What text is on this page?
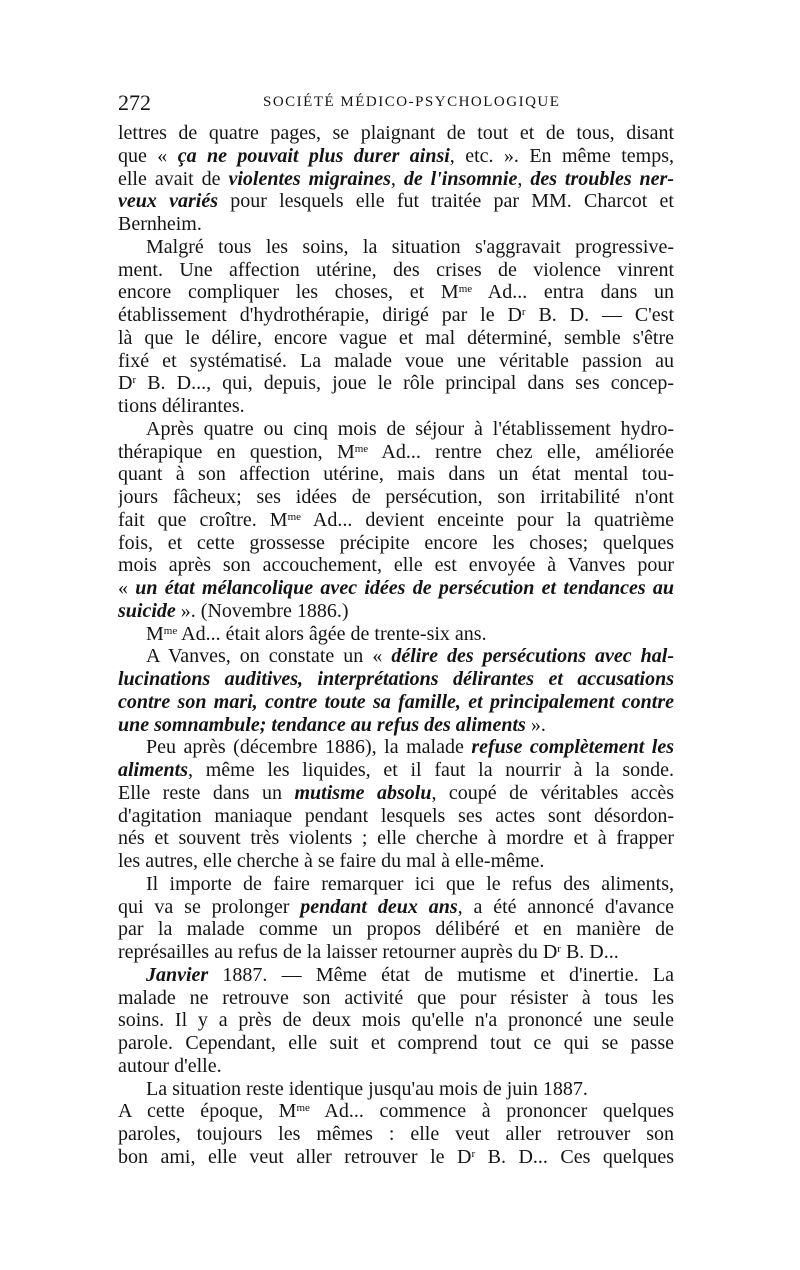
272	SOCIÉTÉ MÉDICO-PSYCHOLOGIQUE
lettres de quatre pages, se plaignant de tout et de tous, disant
que « ça ne pouvait plus durer ainsi, etc. ». En même temps,
elle avait de violentes migraines, de l'insomnie, des troubles ner-
veux variés pour lesquels elle fut traitée par MM. Charcot et
Bernheim.
Malgré tous les soins, la situation s'aggravait progressive-
ment. Une affection utérine, des crises de violence vinrent
encore compliquer les choses, et $M^{me}$ Ad... entra dans un
établissement d'hydrothérapie, dirigé par le $D^r$ B. D. — C'est
là que le délire, encore vague et mal déterminé, semble s'être
fixé et systématisé. La malade voue une véritable passion au
$D^r$ B. D..., qui, depuis, joue le rôle principal dans ses concep-
tions délirantes.
Après quatre ou cinq mois de séjour à l'établissement hydro-
thérapique en question, $M^{me}$ Ad... rentre chez elle, améliorée
quant à son affection utérine, mais dans un état mental tou-
jours fâcheux; ses idées de persécution, son irritabilité n'ont
fait que croître. $M^{me}$ Ad... devient enceinte pour la quatrième
fois, et cette grossesse précipite encore les choses; quelques
mois après son accouchement, elle est envoyée à Vanves pour
« un état mélancolique avec idées de persécution et tendances au
suicide ». (Novembre 1886.)
$M^{me}$ Ad... était alors âgée de trente-six ans.
A Vanves, on constate un « délire des persécutions avec hal-
lucinations auditives, interprétations délirantes et accusations
contre son mari, contre toute sa famille, et principalement contre
une somnambule; tendance au refus des aliments ».
Peu après (décembre 1886), la malade refuse complètement les
aliments, même les liquides, et il faut la nourrir à la sonde.
Elle reste dans un mutisme absolu, coupé de véritables accès
d'agitation maniaque pendant lesquels ses actes sont désordon-
nés et souvent très violents ; elle cherche à mordre et à frapper
les autres, elle cherche à se faire du mal à elle-même.
Il importe de faire remarquer ici que le refus des aliments,
qui va se prolonger pendant deux ans, a été annoncé d'avance
par la malade comme un propos délibéré et en manière de
représailles au refus de la laisser retourner auprès du $D^r$ B. D...
Janvier 1887. — Même état de mutisme et d'inertie. La
malade ne retrouve son activité que pour résister à tous les
soins. Il y a près de deux mois qu'elle n'a prononcé une seule
parole. Cependant, elle suit et comprend tout ce qui se passe
autour d'elle.
La situation reste identique jusqu'au mois de juin 1887.
A cette époque, $M^{me}$ Ad... commence à prononcer quelques
paroles, toujours les mêmes : elle veut aller retrouver son
bon ami, elle veut aller retrouver le $D^r$ B. D... Ces quelques
